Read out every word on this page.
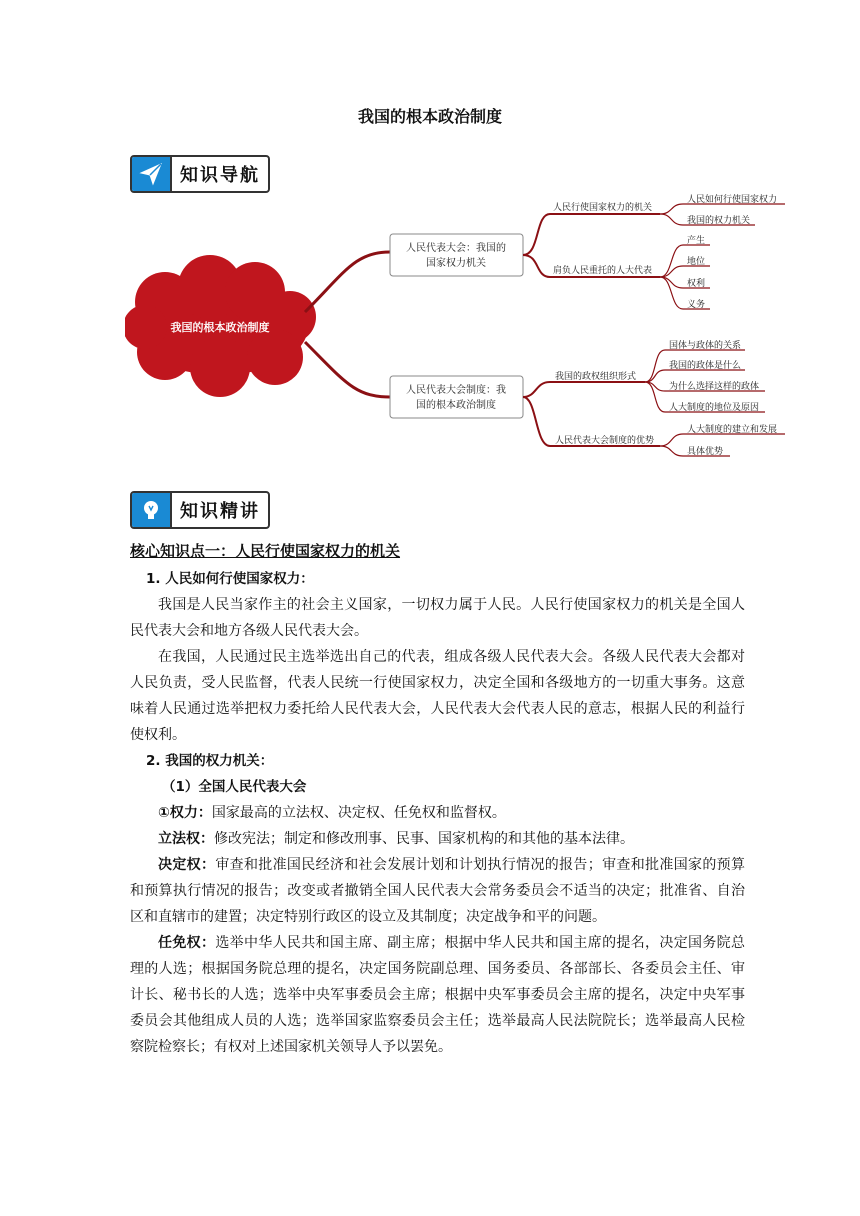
我国的根本政治制度
知识导航
我国的根本政治制度
人民代表大会：我国的
国家权力机关
人民行使国家权力的机关
肩负人民重托的人大代表
人民如何行使国家权力
我国的权力机关
产生
地位
权利
义务
人民代表大会制度：我
国的根本政治制度
我国的政权组织形式
人民代表大会制度的优势
国体与政体的关系
我国的政体是什么
为什么选择这样的政体
人大制度的地位及原因
人大制度的建立和发展
具体优势
知识精讲

核心知识点一：人民行使国家权力的机关

1. 人民如何行使国家权力：

我国是人民当家作主的社会主义国家，一切权力属于人民。人民行使国家权力的机关是全国人民代表大会和地方各级人民代表大会。

在我国，人民通过民主选举选出自己的代表，组成各级人民代表大会。各级人民代表大会都对人民负责，受人民监督，代表人民统一行使国家权力，决定全国和各级地方的一切重大事务。这意味着人民通过选举把权力委托给人民代表大会，人民代表大会代表人民的意志，根据人民的利益行使权利。

2. 我国的权力机关：

（1）全国人民代表大会

①权力：国家最高的立法权、决定权、任免权和监督权。

立法权：修改宪法；制定和修改刑事、民事、国家机构的和其他的基本法律。

决定权：审查和批准国民经济和社会发展计划和计划执行情况的报告；审查和批准国家的预算和预算执行情况的报告；改变或者撤销全国人民代表大会常务委员会不适当的决定；批准省、自治区和直辖市的建置；决定特别行政区的设立及其制度；决定战争和平的问题。

任免权：选举中华人民共和国主席、副主席；根据中华人民共和国主席的提名，决定国务院总理的人选；根据国务院总理的提名，决定国务院副总理、国务委员、各部部长、各委员会主任、审计长、秘书长的人选；选举中央军事委员会主席；根据中央军事委员会主席的提名，决定中央军事委员会其他组成人员的人选；选举国家监察委员会主任；选举最高人民法院院长；选举最高人民检察院检察长；有权对上述国家机关领导人予以罢免。
